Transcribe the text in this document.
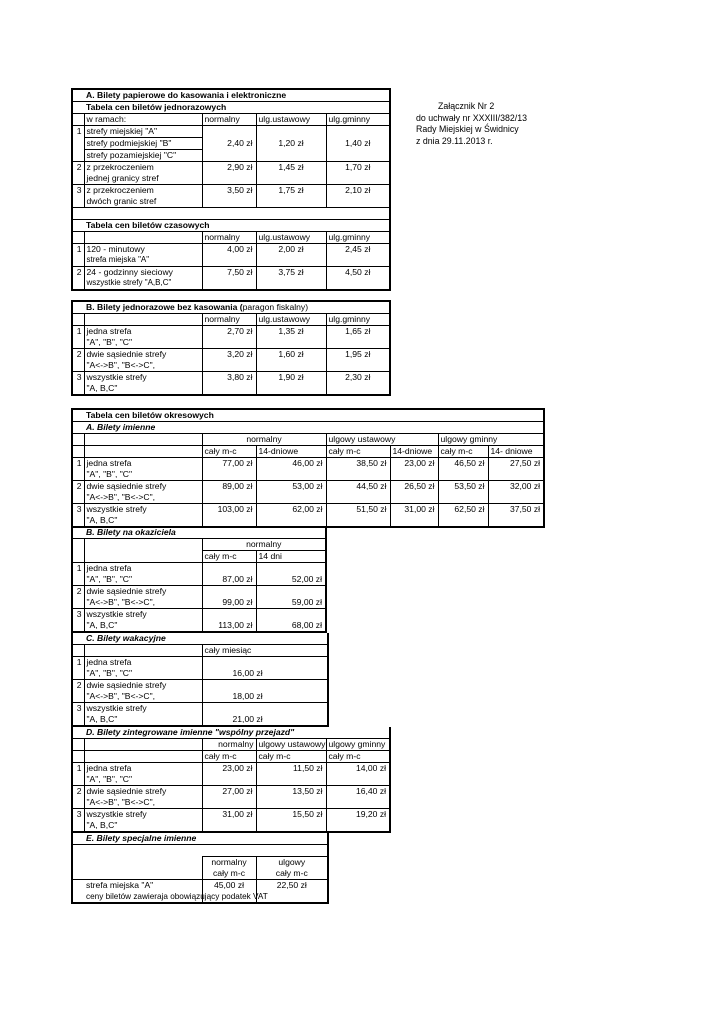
Załącznik Nr 2
do uchwały nr XXXIII/382/13
Rady Miejskiej w Świdnicy
z dnia 29.11.2013 r.
	A. Bilety papierowe do kasowania i elektroniczne			
	Tabela cen biletów jednorazowych			
	w ramach:	normalny	ulg.ustawowy	ulg.gminny
1	strefy miejskiej "A"			
	strefy podmiejskiej "B"	2,40 zł	1,20 zł	1,40 zł
	strefy pozamiejskiej "C"			
2	z przekroczeniem	2,90 zł	1,45 zł	1,70 zł
	jednej granicy stref			
3	z przekroczeniem	3,50 zł	1,75 zł	2,10 zł
	dwóch granic stref			

	Tabela cen biletów czasowych			
		normalny	ulg.ustawowy	ulg.gminny
1	120 - minutowy	4,00 zł	2,00 zł	2,45 zł
	strefa miejska "A"			
2	24 - godzinny sieciowy	7,50 zł	3,75 zł	4,50 zł
	wszystkie strefy "A,B,C"			
	B. Bilety jednorazowe bez kasowania (paragon fiskalny)			
		normalny	ulg.ustawowy	ulg.gminny
1	jedna strefa	2,70 zł	1,35 zł	1,65 zł
	"A", "B", "C"			
2	dwie sąsiednie strefy	3,20 zł	1,60 zł	1,95 zł
	"A<->B", "B<->C",			
3	wszystkie strefy	3,80 zł	1,90 zł	2,30 zł
	"A, B,C"			
	Tabela cen biletów okresowych						
	A. Bilety imienne						
		normalny		ulgowy ustawowy		ulgowy gminny	
		cały m-c	14-dniowe	cały m-c	14-dniowe	cały m-c	14- dniowe
1	jedna strefa	77,00 zł	46,00 zł	38,50 zł	23,00 zł	46,50 zł	27,50 zł
	"A", "B", "C"						
2	dwie sąsiednie strefy	89,00 zł	53,00 zł	44,50 zł	26,50 zł	53,50 zł	32,00 zł
	"A<->B", "B<->C",						
3	wszystkie strefy	103,00 zł	62,00 zł	51,50 zł	31,00 zł	62,50 zł	37,50 zł
	"A, B,C"						
	B. Bilety na okaziciela			
		normalny		
		cały m-c	14 dni	
1	jedna strefa			
	"A", "B", "C"	87,00 zł	52,00 zł	
2	dwie sąsiednie strefy			
	"A<->B", "B<->C",	99,00 zł	59,00 zł	
3	wszystkie strefy			
	"A, B,C"	113,00 zł	68,00 zł	
	C. Bilety wakacyjne	
		cały miesiąc
1	jedna strefa	
	"A", "B", "C"	16,00 zł
2	dwie sąsiednie strefy	
	"A<->B", "B<->C",	18,00 zł
3	wszystkie strefy	
	"A, B,C"	21,00 zł
	D. Bilety zintegrowane imienne "wspólny przejazd"			
		normalny	ulgowy ustawowy	ulgowy gminny
		cały m-c	cały m-c	cały m-c
1	jedna strefa	23,00 zł	11,50 zł	14,00 zł
	"A", "B", "C"			
2	dwie sąsiednie strefy	27,00 zł	13,50 zł	16,40 zł
	"A<->B", "B<->C",			
3	wszystkie strefy	31,00 zł	15,50 zł	19,20 zł
	"A, B,C"			
	E. Bilety specjalne imienne		

		normalny	ulgowy
		cały m-c	cały m-c
	strefa miejska "A"	45,00 zł	22,50 zł

ceny biletów zawieraja obowiązujący podatek VAT
